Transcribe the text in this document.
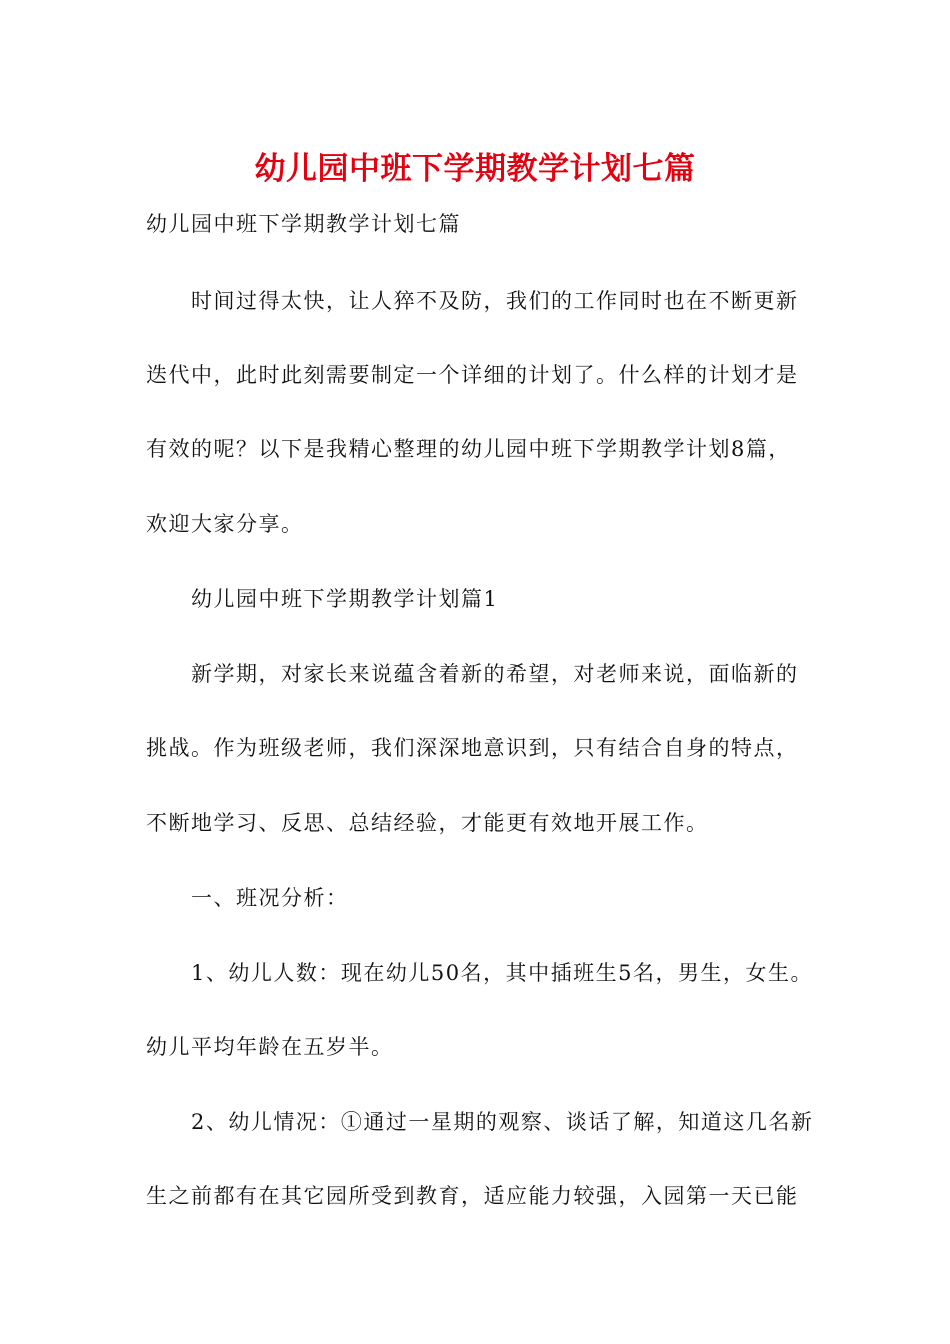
幼儿园中班下学期教学计划七篇

幼儿园中班下学期教学计划七篇

时间过得太快，让人猝不及防，我们的工作同时也在不断更新

迭代中，此时此刻需要制定一个详细的计划了。什么样的计划才是

有效的呢？以下是我精心整理的幼儿园中班下学期教学计划8篇，

欢迎大家分享。

幼儿园中班下学期教学计划篇1

新学期，对家长来说蕴含着新的希望，对老师来说，面临新的

挑战。作为班级老师，我们深深地意识到，只有结合自身的特点，

不断地学习、反思、总结经验，才能更有效地开展工作。

一、班况分析：

1、幼儿人数：现在幼儿50名，其中插班生5名，男生，女生。

幼儿平均年龄在五岁半。

2、幼儿情况：①通过一星期的观察、谈话了解，知道这几名新

生之前都有在其它园所受到教育，适应能力较强，入园第一天已能
